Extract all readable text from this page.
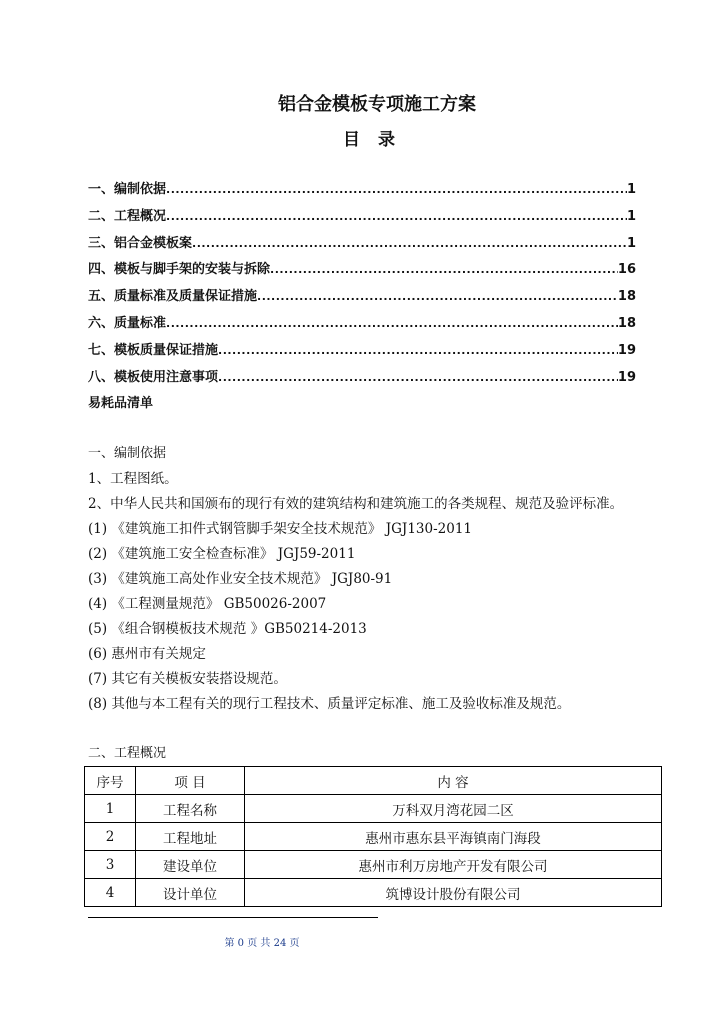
铝合金模板专项施工方案
目 录
一、编制依据 .....	1
二、工程概况 .....	1
三、铝合金模板案 .....	1
四、模板与脚手架的安装与拆除 .....	16
五、质量标准及质量保证措施 .....	18
六、质量标准 .....	18
七、模板质量保证措施 .....	19
八、模板使用注意事项 .....	19
易耗品清单
一、编制依据
1、工程图纸。
2、中华人民共和国颁布的现行有效的建筑结构和建筑施工的各类规程、规范及验评标准。
(1) 《建筑施工扣件式钢管脚手架安全技术规范》 JGJ130-2011
(2) 《建筑施工安全检查标准》 JGJ59-2011
(3) 《建筑施工高处作业安全技术规范》 JGJ80-91
(4) 《工程测量规范》 GB50026-2007
(5) 《组合钢模板技术规范 》GB50214-2013
(6) 惠州市有关规定
(7) 其它有关模板安装搭设规范。
(8) 其他与本工程有关的现行工程技术、质量评定标准、施工及验收标准及规范。
二、工程概况
序号	项 目	内 容
1	工程名称	万科双月湾花园二区
2	工程地址	惠州市惠东县平海镇南门海段
3	建设单位	惠州市利万房地产开发有限公司
4	设计单位	筑博设计股份有限公司
第 0 页 共 24 页
